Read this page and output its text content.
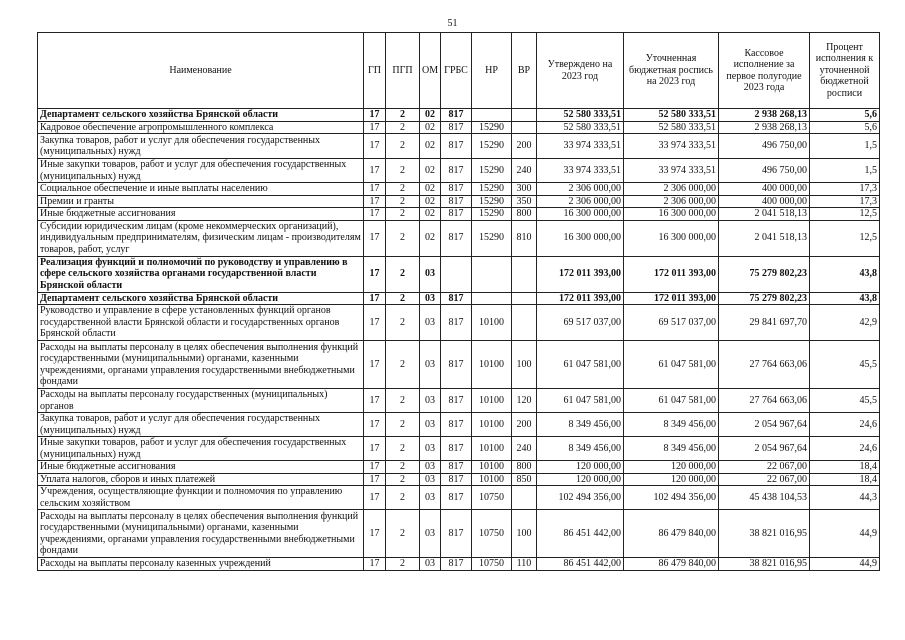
51
Наименование	ГП	ПГП	ОМ	ГРБС	НР	ВР	Утверждено на 2023 год	Уточненная бюджетная роспись на 2023 год	Кассовое исполнение за первое полугодие 2023 года	Процент исполнения к уточненной бюджетной росписи
Департамент сельского хозяйства Брянской области	17	2	02	817			52 580 333,51	52 580 333,51	2 938 268,13	5,6
Кадровое обеспечение агропромышленного комплекса	17	2	02	817	15290		52 580 333,51	52 580 333,51	2 938 268,13	5,6
Закупка товаров, работ и услуг для обеспечения государственных (муниципальных) нужд	17	2	02	817	15290	200	33 974 333,51	33 974 333,51	496 750,00	1,5
Иные закупки товаров, работ и услуг для обеспечения государственных (муниципальных) нужд	17	2	02	817	15290	240	33 974 333,51	33 974 333,51	496 750,00	1,5
Социальное обеспечение и иные выплаты населению	17	2	02	817	15290	300	2 306 000,00	2 306 000,00	400 000,00	17,3
Премии и гранты	17	2	02	817	15290	350	2 306 000,00	2 306 000,00	400 000,00	17,3
Иные бюджетные ассигнования	17	2	02	817	15290	800	16 300 000,00	16 300 000,00	2 041 518,13	12,5
Субсидии юридическим лицам (кроме некоммерческих организаций), индивидуальным предпринимателям, физическим лицам - производителям товаров, работ, услуг	17	2	02	817	15290	810	16 300 000,00	16 300 000,00	2 041 518,13	12,5
Реализация функций и полномочий по руководству и управлению в сфере сельского хозяйства органами государственной власти Брянской области	17	2	03				172 011 393,00	172 011 393,00	75 279 802,23	43,8
Департамент сельского хозяйства Брянской области	17	2	03	817			172 011 393,00	172 011 393,00	75 279 802,23	43,8
Руководство и управление в сфере установленных функций органов государственной власти Брянской области и государственных органов Брянской области	17	2	03	817	10100		69 517 037,00	69 517 037,00	29 841 697,70	42,9
Расходы на выплаты персоналу в целях обеспечения выполнения функций государственными (муниципальными) органами, казенными учреждениями, органами управления государственными внебюджетными фондами	17	2	03	817	10100	100	61 047 581,00	61 047 581,00	27 764 663,06	45,5
Расходы на выплаты персоналу государственных (муниципальных) органов	17	2	03	817	10100	120	61 047 581,00	61 047 581,00	27 764 663,06	45,5
Закупка товаров, работ и услуг для обеспечения государственных (муниципальных) нужд	17	2	03	817	10100	200	8 349 456,00	8 349 456,00	2 054 967,64	24,6
Иные закупки товаров, работ и услуг для обеспечения государственных (муниципальных) нужд	17	2	03	817	10100	240	8 349 456,00	8 349 456,00	2 054 967,64	24,6
Иные бюджетные ассигнования	17	2	03	817	10100	800	120 000,00	120 000,00	22 067,00	18,4
Уплата налогов, сборов и иных платежей	17	2	03	817	10100	850	120 000,00	120 000,00	22 067,00	18,4
Учреждения, осуществляющие функции и полномочия по управлению сельским хозяйством	17	2	03	817	10750		102 494 356,00	102 494 356,00	45 438 104,53	44,3
Расходы на выплаты персоналу в целях обеспечения выполнения функций государственными (муниципальными) органами, казенными учреждениями, органами управления государственными внебюджетными фондами	17	2	03	817	10750	100	86 451 442,00	86 479 840,00	38 821 016,95	44,9
Расходы на выплаты персоналу казенных учреждений	17	2	03	817	10750	110	86 451 442,00	86 479 840,00	38 821 016,95	44,9
